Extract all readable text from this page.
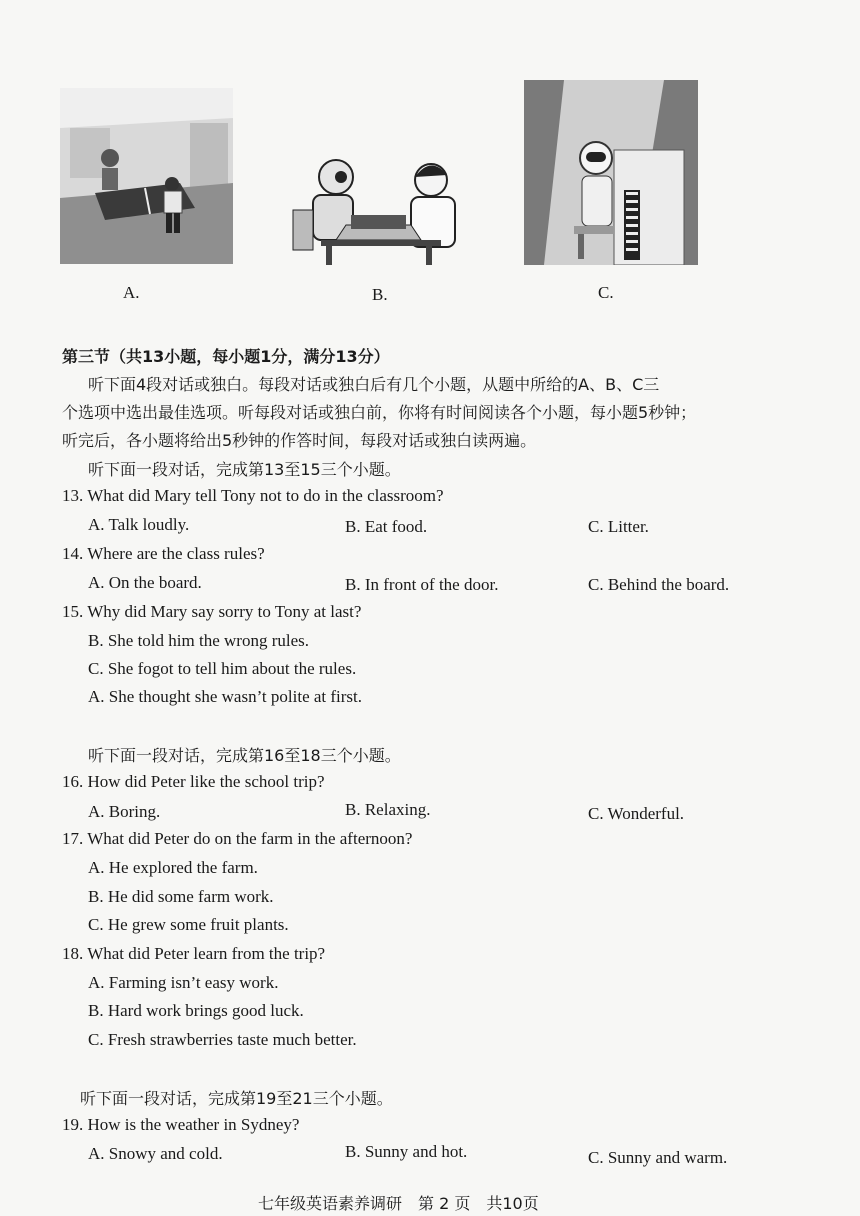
A.	B.	C.
第三节（共13小题，每小题1分，满分13分）
听下面4段对话或独白。每段对话或独白后有几个小题，从题中所给的A、B、C三
个选项中选出最佳选项。听每段对话或独白前，你将有时间阅读各个小题，每小题5秒钟；
听完后，各小题将给出5秒钟的作答时间，每段对话或独白读两遍。
听下面一段对话，完成第13至15三个小题。
13. What did Mary tell Tony not to do in the classroom?
A. Talk loudly.	B. Eat food.	C. Litter.
14. Where are the class rules?
A. On the board.	B. In front of the door.	C. Behind the board.
15. Why did Mary say sorry to Tony at last?
B. She told him the wrong rules.
C. She fogot to tell him about the rules.
A. She thought she wasn’t polite at first.
听下面一段对话，完成第16至18三个小题。
16. How did Peter like the school trip?
A. Boring.	B. Relaxing.	C. Wonderful.
17. What did Peter do on the farm in the afternoon?
A. He explored the farm.
B. He did some farm work.
C. He grew some fruit plants.
18. What did Peter learn from the trip?
A. Farming isn’t easy work.
B. Hard work brings good luck.
C. Fresh strawberries taste much better.
听下面一段对话，完成第19至21三个小题。
19. How is the weather in Sydney?
A. Snowy and cold.	B. Sunny and hot.	C. Sunny and warm.
七年级英语素养调研　第 2 页　共10页
